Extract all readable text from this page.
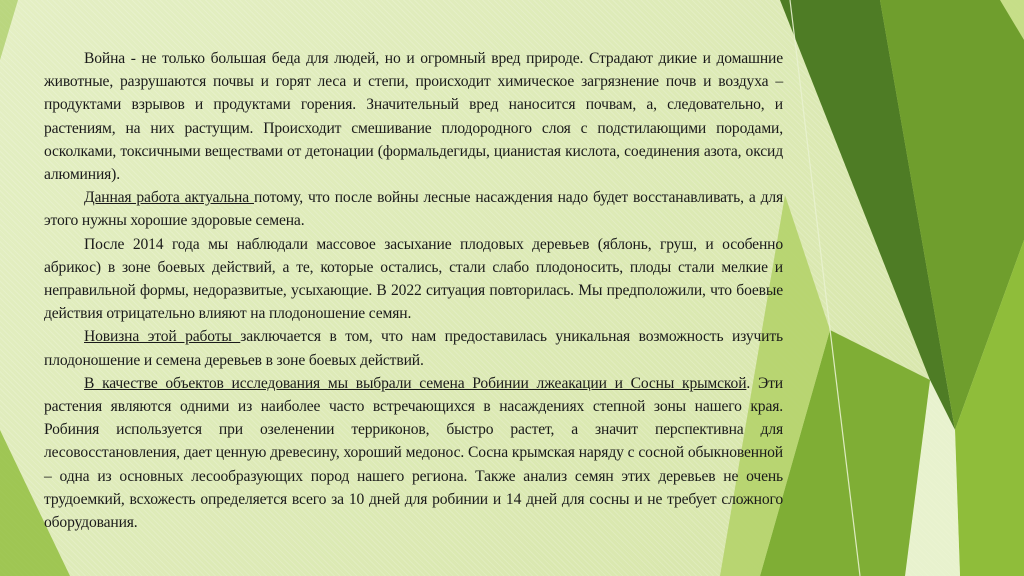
Война - не только большая беда для людей, но и огромный вред природе. Страдают дикие и домашние животные, разрушаются почвы и горят леса и степи, происходит химическое загрязнение почв и воздуха – продуктами взрывов и продуктами горения. Значительный вред наносится почвам, а, следовательно, и растениям, на них растущим. Происходит смешивание плодородного слоя с подстилающими породами, осколками, токсичными веществами от детонации (формальдегиды, цианистая кислота, соединения азота, оксид алюминия).

Данная работа актуальна потому, что после войны лесные насаждения надо будет восстанавливать, а для этого нужны хорошие здоровые семена.

После 2014 года мы наблюдали массовое засыхание плодовых деревьев (яблонь, груш, и особенно абрикос) в зоне боевых действий, а те, которые остались, стали слабо плодоносить, плоды стали мелкие и неправильной формы, недоразвитые, усыхающие. В 2022 ситуация повторилась. Мы предположили, что боевые действия отрицательно влияют на плодоношение семян.

Новизна этой работы заключается в том, что нам предоставилась уникальная возможность изучить плодоношение и семена деревьев в зоне боевых действий.

В качестве объектов исследования мы выбрали семена Робинии лжеакации и Сосны крымской. Эти растения являются одними из наиболее часто встречающихся в насаждениях степной зоны нашего края. Робиния используется при озеленении терриконов, быстро растет, а значит перспективна для лесовосстановления, дает ценную древесину, хороший медонос. Сосна крымская наряду с сосной обыкновенной – одна из основных лесообразующих пород нашего региона. Также анализ семян этих деревьев не очень трудоемкий, всхожесть определяется всего за 10 дней для робинии и 14 дней для сосны и не требует сложного оборудования.
